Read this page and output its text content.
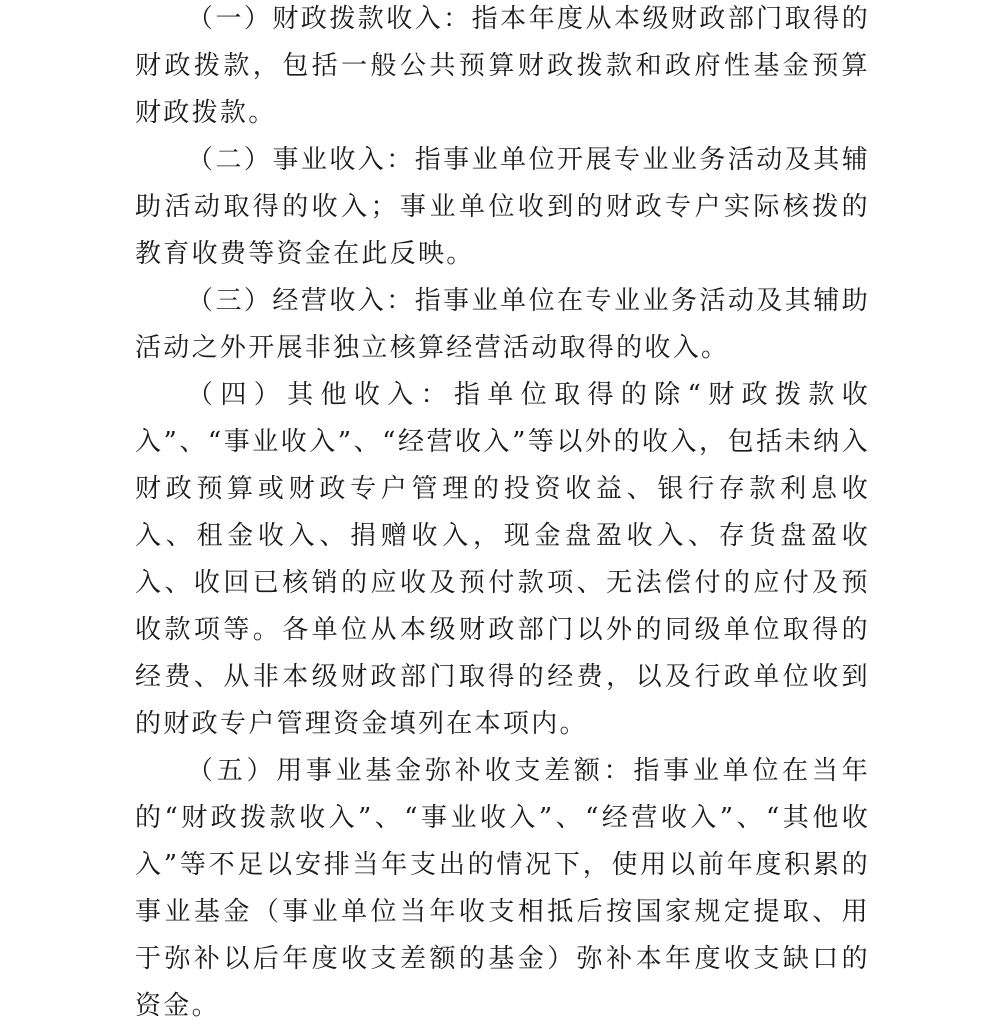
（一）财政拨款收入：指本年度从本级财政部门取得的财政拨款，包括一般公共预算财政拨款和政府性基金预算财政拨款。

（二）事业收入：指事业单位开展专业业务活动及其辅助活动取得的收入；事业单位收到的财政专户实际核拨的教育收费等资金在此反映。

（三）经营收入：指事业单位在专业业务活动及其辅助活动之外开展非独立核算经营活动取得的收入。

（四）其他收入：指单位取得的除“财政拨款收入”、“事业收入”、“经营收入”等以外的收入，包括未纳入财政预算或财政专户管理的投资收益、银行存款利息收入、租金收入、捐赠收入，现金盘盈收入、存货盘盈收入、收回已核销的应收及预付款项、无法偿付的应付及预收款项等。各单位从本级财政部门以外的同级单位取得的经费、从非本级财政部门取得的经费，以及行政单位收到的财政专户管理资金填列在本项内。

（五）用事业基金弥补收支差额：指事业单位在当年的“财政拨款收入”、“事业收入”、“经营收入”、“其他收入”等不足以安排当年支出的情况下，使用以前年度积累的事业基金（事业单位当年收支相抵后按国家规定提取、用于弥补以后年度收支差额的基金）弥补本年度收支缺口的资金。
